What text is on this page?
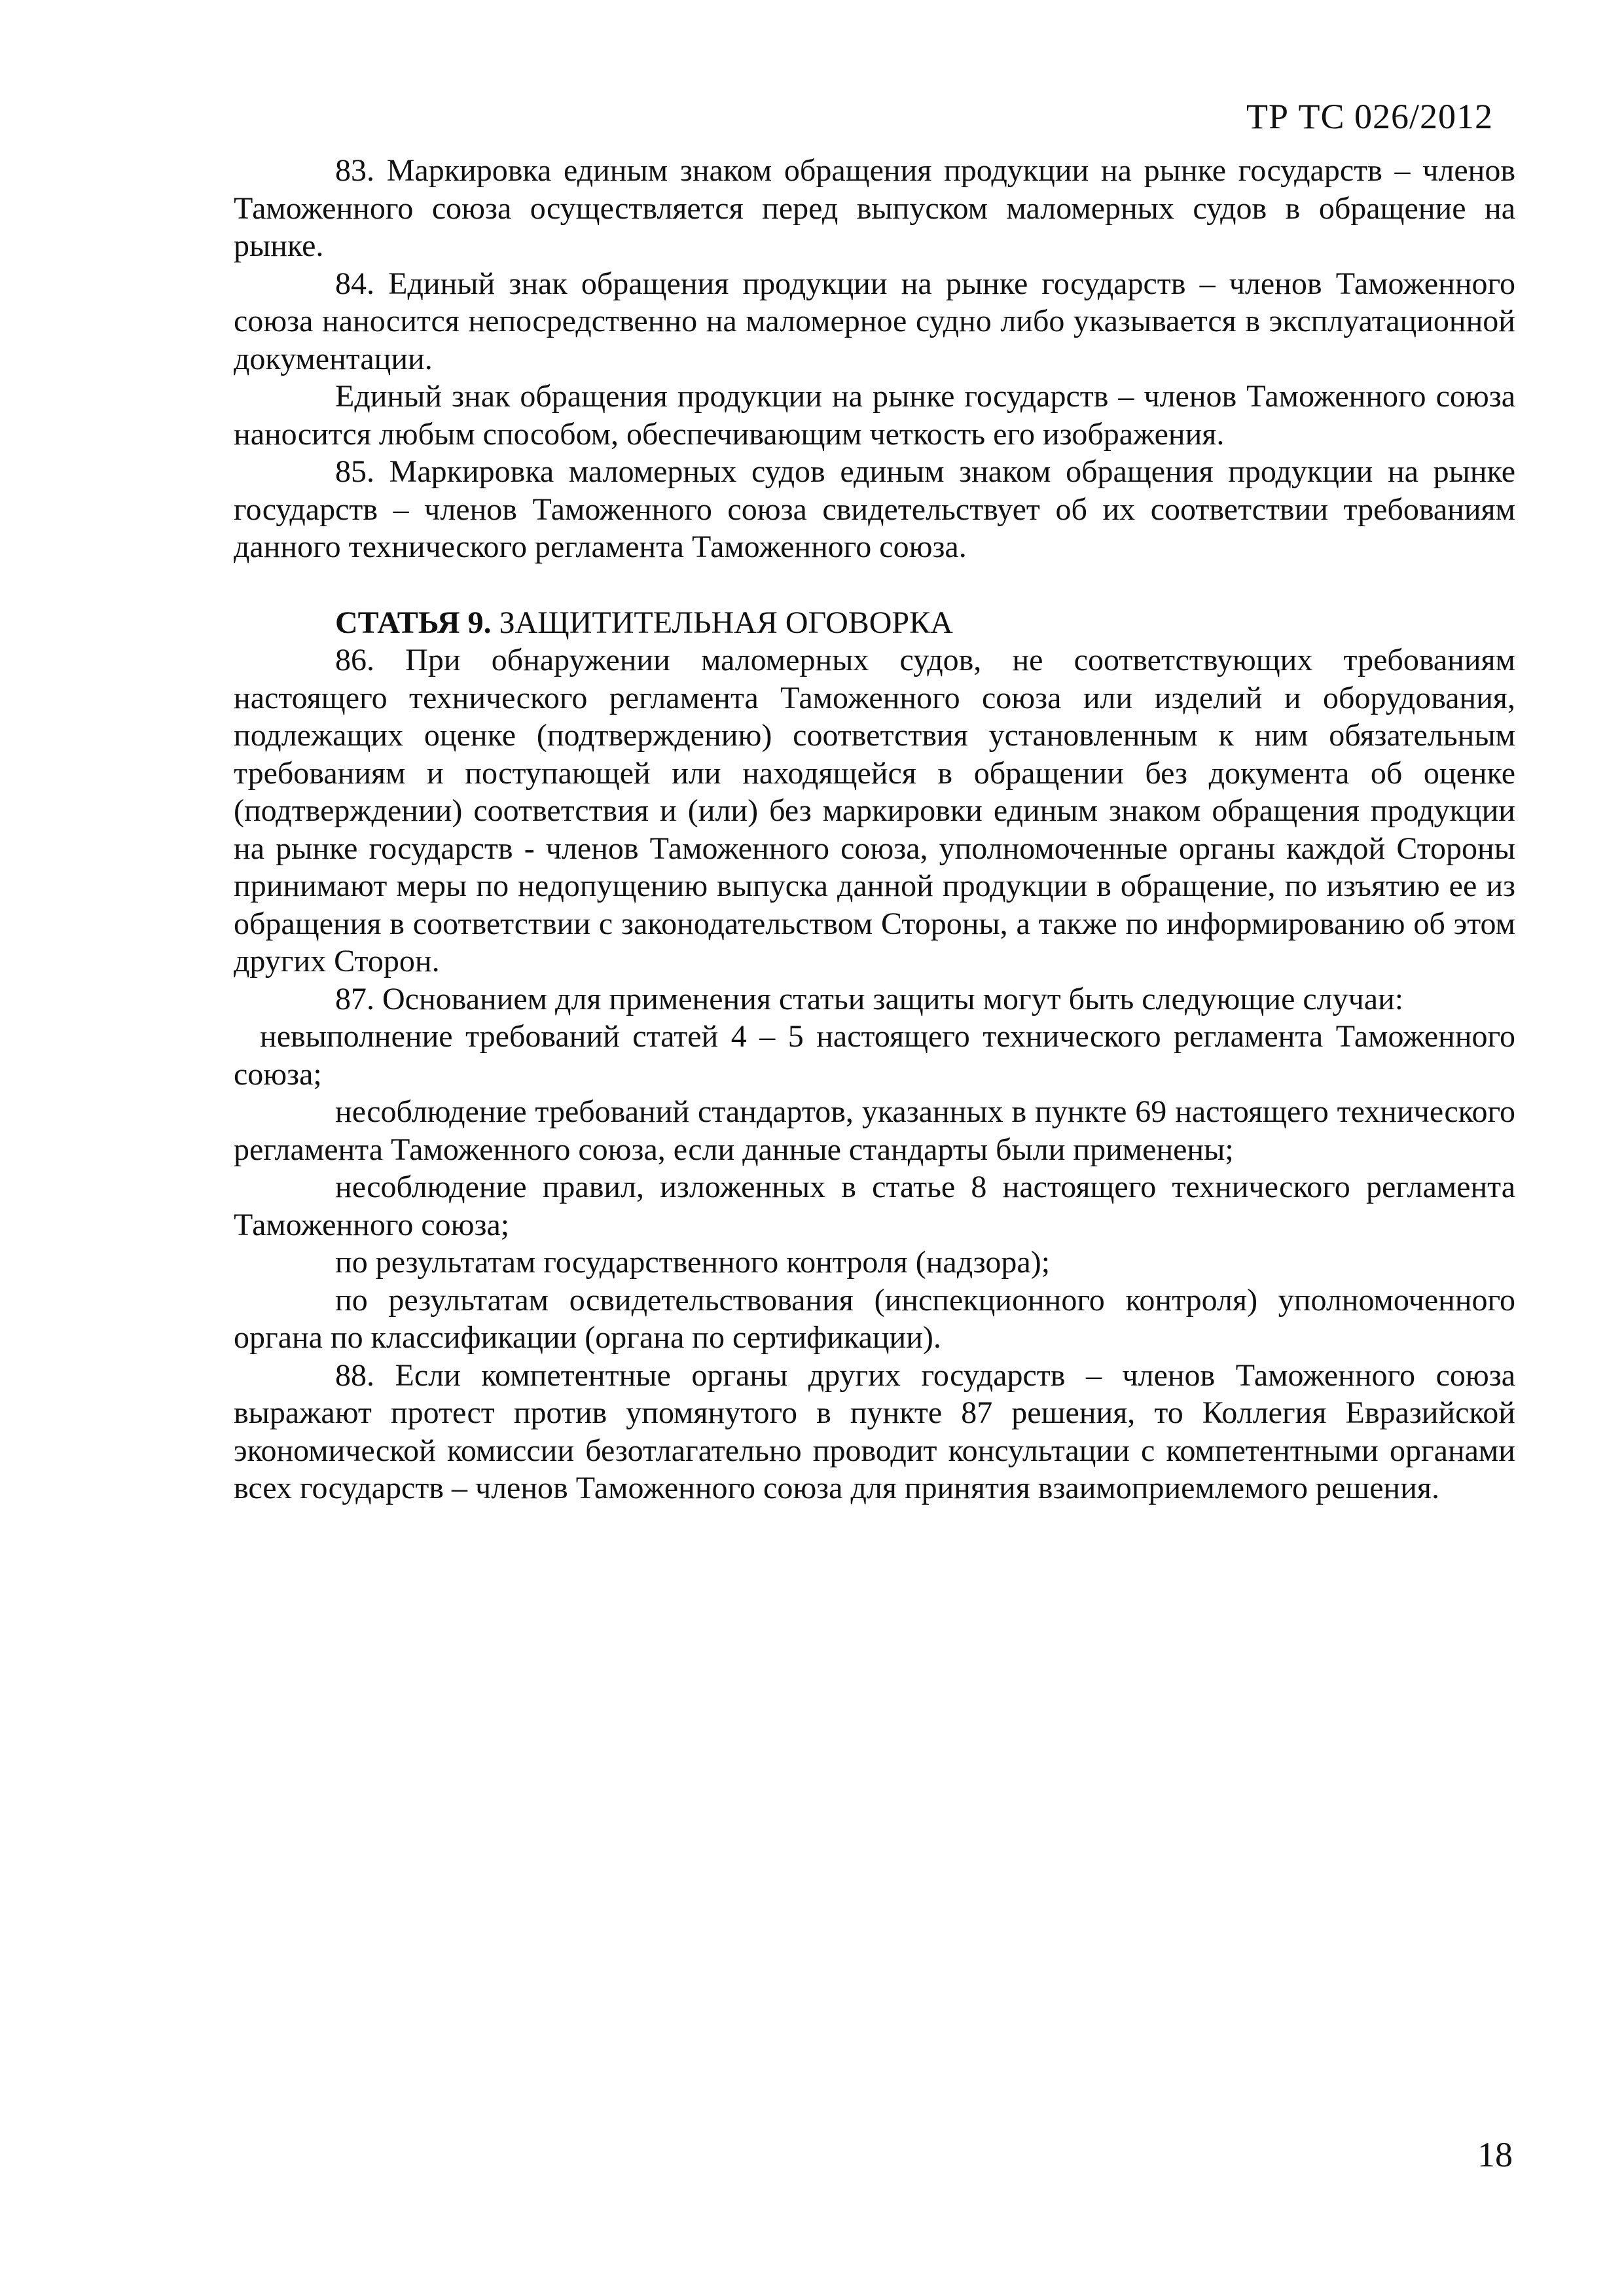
ТР ТС 026/2012

83. Маркировка единым знаком обращения продукции на рынке государств – членов Таможенного союза осуществляется перед выпуском маломерных судов в обращение на рынке.

84. Единый знак обращения продукции на рынке государств – членов Таможенного союза наносится непосредственно на маломерное судно либо указывается в эксплуатационной документации.

Единый знак обращения продукции на рынке государств – членов Таможенного союза наносится любым способом, обеспечивающим четкость его изображения.

85. Маркировка маломерных судов единым знаком обращения продукции на рынке государств – членов Таможенного союза свидетельствует об их соответствии требованиям данного технического регламента Таможенного союза.

СТАТЬЯ 9. ЗАЩИТИТЕЛЬНАЯ ОГОВОРКА

86. При обнаружении маломерных судов, не соответствующих требованиям настоящего технического регламента Таможенного союза или изделий и оборудования, подлежащих оценке (подтверждению) соответствия установленным к ним обязательным требованиям и поступающей или находящейся в обращении без документа об оценке (подтверждении) соответствия и (или) без маркировки единым знаком обращения продукции на рынке государств - членов Таможенного союза, уполномоченные органы каждой Стороны принимают меры по недопущению выпуска данной продукции в обращение, по изъятию ее из обращения в соответствии с законодательством Стороны, а также по информированию об этом других Сторон.

87. Основанием для применения статьи защиты могут быть следующие случаи:

невыполнение требований статей 4 – 5 настоящего технического регламента Таможенного союза;

несоблюдение требований стандартов, указанных в пункте 69 настоящего технического регламента Таможенного союза, если данные стандарты были применены;

несоблюдение правил, изложенных в статье 8 настоящего технического регламента Таможенного союза;

по результатам государственного контроля (надзора);

по результатам освидетельствования (инспекционного контроля) уполномоченного органа по классификации (органа по сертификации).

88. Если компетентные органы других государств – членов Таможенного союза выражают протест против упомянутого в пункте 87 решения, то Коллегия Евразийской экономической комиссии безотлагательно проводит консультации с компетентными органами всех государств – членов Таможенного союза для принятия взаимоприемлемого решения.

18
